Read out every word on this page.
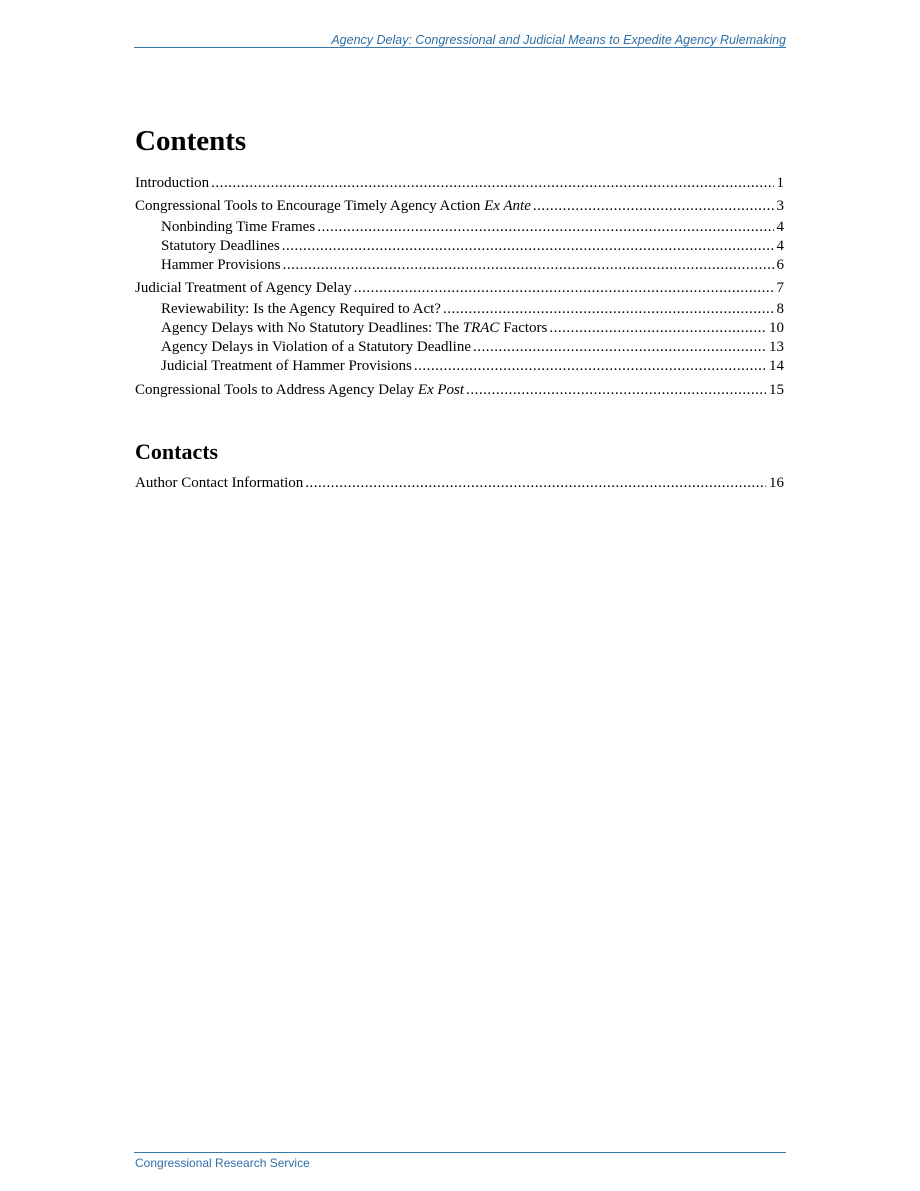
Agency Delay: Congressional and Judicial Means to Expedite Agency Rulemaking
Contents
Introduction .....	1
Congressional Tools to Encourage Timely Agency Action Ex Ante .....	3
Nonbinding Time Frames .....	4
Statutory Deadlines .....	4
Hammer Provisions .....	6
Judicial Treatment of Agency Delay .....	7
Reviewability: Is the Agency Required to Act? .....	8
Agency Delays with No Statutory Deadlines: The TRAC Factors .....	10
Agency Delays in Violation of a Statutory Deadline .....	13
Judicial Treatment of Hammer Provisions .....	14
Congressional Tools to Address Agency Delay Ex Post .....	15
Contacts
Author Contact Information .....	16
Congressional Research Service
